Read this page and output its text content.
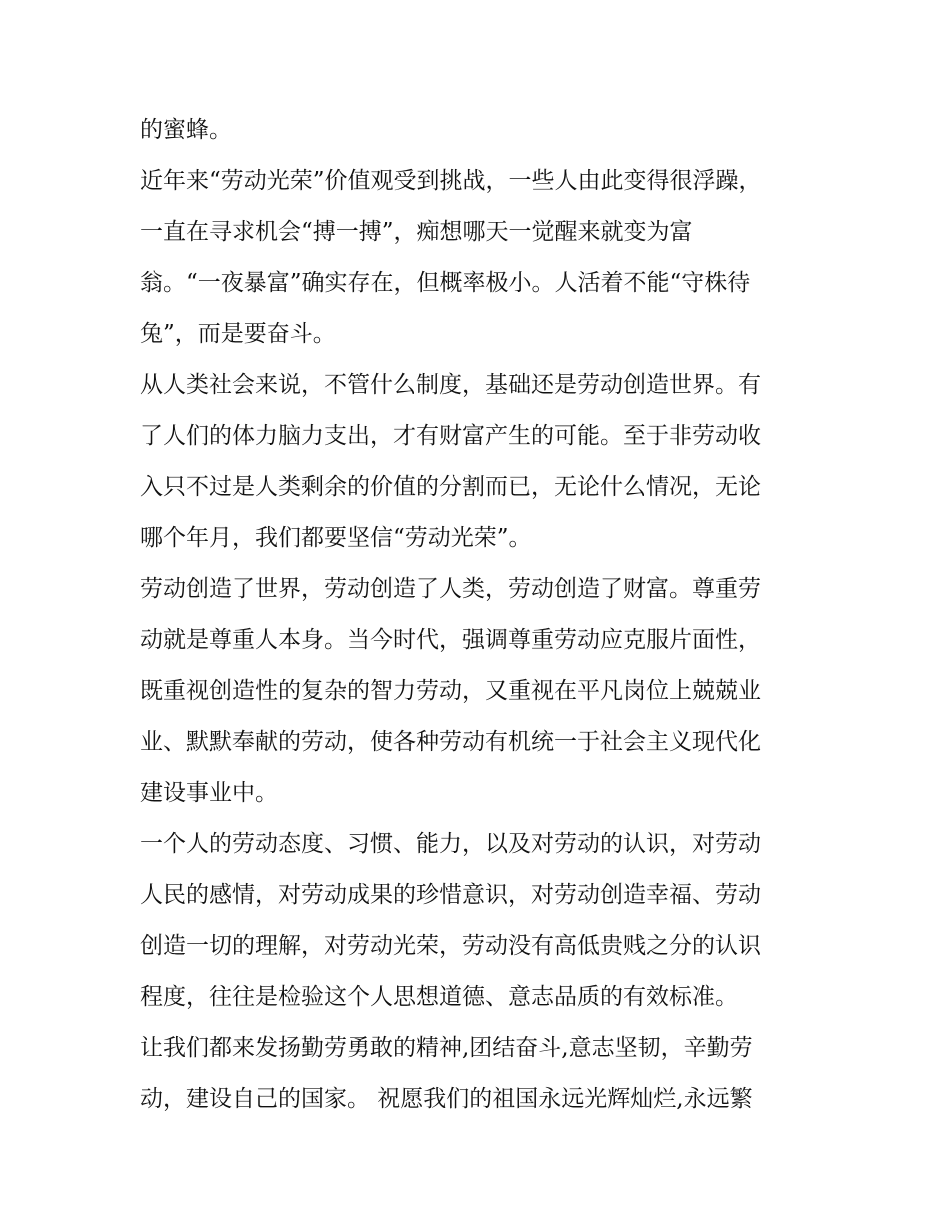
的蜜蜂。
近年来“劳动光荣”价值观受到挑战，一些人由此变得很浮躁，
一直在寻求机会“搏一搏”，痴想哪天一觉醒来就变为富
翁。“一夜暴富”确实存在，但概率极小。人活着不能“守株待
兔”，而是要奋斗。
从人类社会来说，不管什么制度，基础还是劳动创造世界。有
了人们的体力脑力支出，才有财富产生的可能。至于非劳动收
入只不过是人类剩余的价值的分割而已，无论什么情况，无论
哪个年月，我们都要坚信“劳动光荣”。
劳动创造了世界，劳动创造了人类，劳动创造了财富。尊重劳
动就是尊重人本身。当今时代，强调尊重劳动应克服片面性，
既重视创造性的复杂的智力劳动，又重视在平凡岗位上兢兢业
业、默默奉献的劳动，使各种劳动有机统一于社会主义现代化
建设事业中。
一个人的劳动态度、习惯、能力，以及对劳动的认识，对劳动
人民的感情，对劳动成果的珍惜意识，对劳动创造幸福、劳动
创造一切的理解，对劳动光荣，劳动没有高低贵贱之分的认识
程度，往往是检验这个人思想道德、意志品质的有效标准。
让我们都来发扬勤劳勇敢的精神,团结奋斗,意志坚韧，辛勤劳
动，建设自己的国家。 祝愿我们的祖国永远光辉灿烂,永远繁
